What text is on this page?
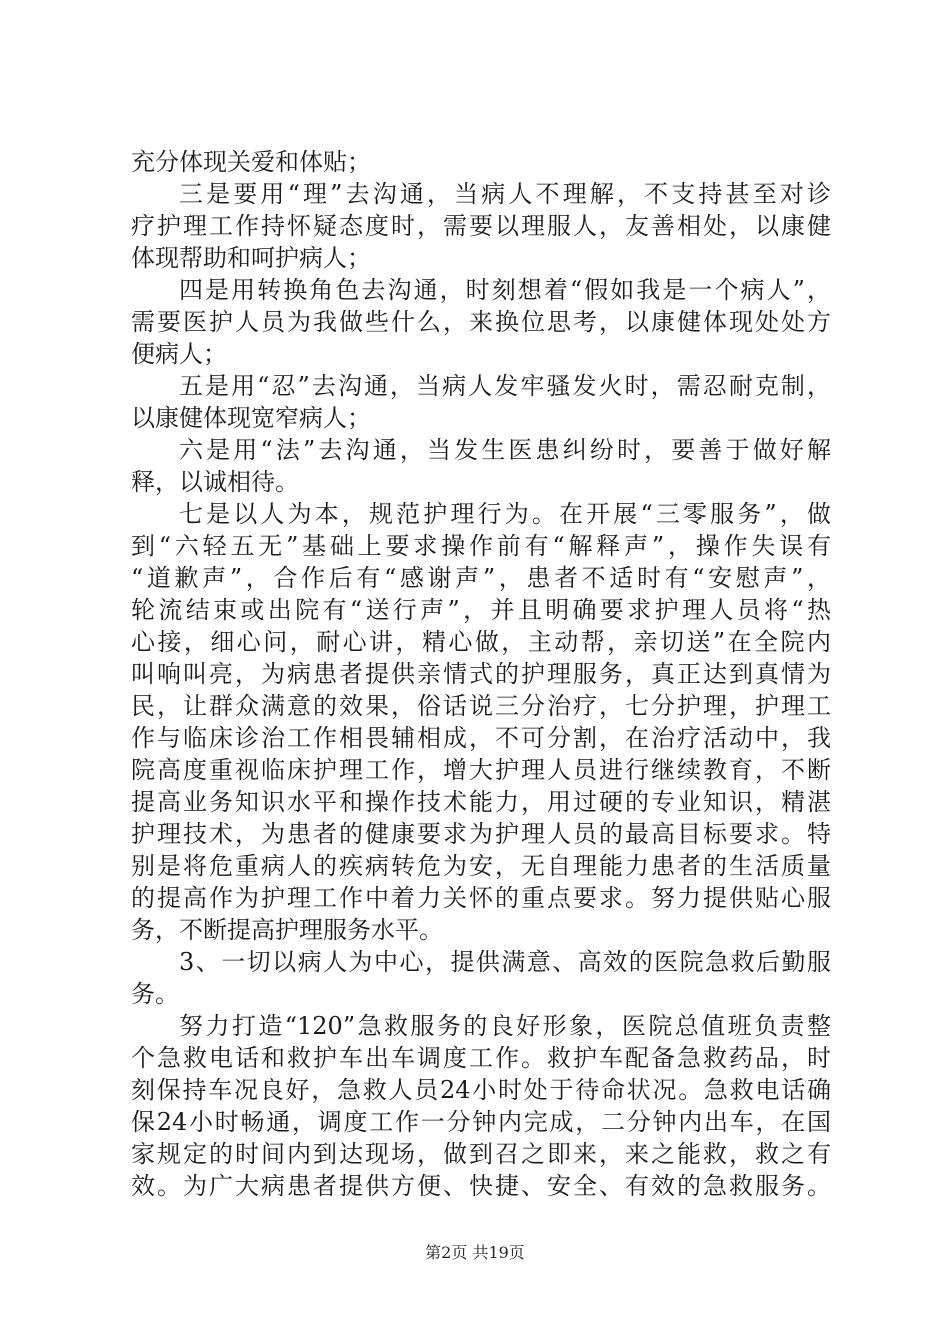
充分体现关爱和体贴；
三是要用“理”去沟通，当病人不理解，不支持甚至对诊
疗护理工作持怀疑态度时，需要以理服人，友善相处，以康健
体现帮助和呵护病人；
四是用转换角色去沟通，时刻想着“假如我是一个病人”，
需要医护人员为我做些什么，来换位思考，以康健体现处处方
便病人；
五是用“忍”去沟通，当病人发牢骚发火时，需忍耐克制，
以康健体现宽窄病人；
六是用“法”去沟通，当发生医患纠纷时，要善于做好解
释，以诚相待。
七是以人为本，规范护理行为。在开展“三零服务”，做
到“六轻五无”基础上要求操作前有“解释声”，操作失误有
“道歉声”，合作后有“感谢声”，患者不适时有“安慰声”，
轮流结束或出院有“送行声”，并且明确要求护理人员将“热
心接，细心问，耐心讲，精心做，主动帮，亲切送”在全院内
叫响叫亮，为病患者提供亲情式的护理服务，真正达到真情为
民，让群众满意的效果，俗话说三分治疗，七分护理，护理工
作与临床诊治工作相畏辅相成，不可分割，在治疗活动中，我
院高度重视临床护理工作，增大护理人员进行继续教育，不断
提高业务知识水平和操作技术能力，用过硬的专业知识，精湛
护理技术，为患者的健康要求为护理人员的最高目标要求。特
别是将危重病人的疾病转危为安，无自理能力患者的生活质量
的提高作为护理工作中着力关怀的重点要求。努力提供贴心服
务，不断提高护理服务水平。
3、一切以病人为中心，提供满意、高效的医院急救后勤服
务。
努力打造“120”急救服务的良好形象，医院总值班负责整
个急救电话和救护车出车调度工作。救护车配备急救药品，时
刻保持车况良好，急救人员24小时处于待命状况。急救电话确
保24小时畅通，调度工作一分钟内完成，二分钟内出车，在国
家规定的时间内到达现场，做到召之即来，来之能救，救之有
效。为广大病患者提供方便、快捷、安全、有效的急救服务。
第2页 共19页
